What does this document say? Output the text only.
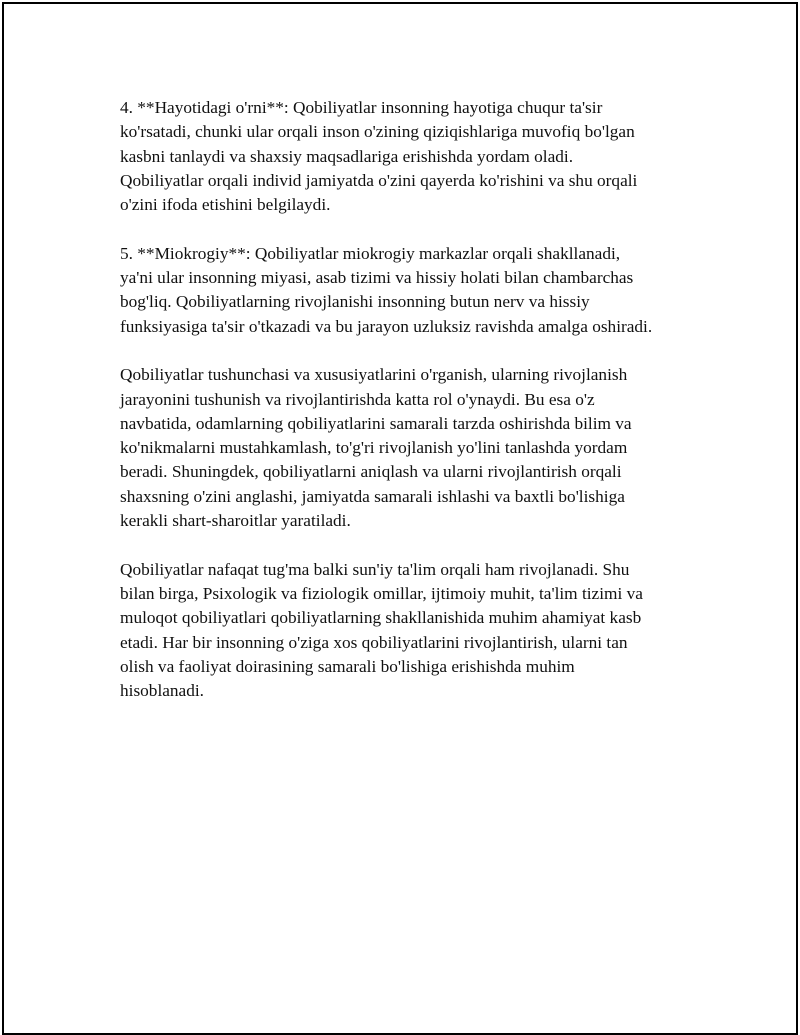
4. **Hayotidagi o'rni**: Qobiliyatlar insonning hayotiga chuqur ta'sir
ko'rsatadi, chunki ular orqali inson o'zining qiziqishlariga muvofiq bo'lgan
kasbni tanlaydi va shaxsiy maqsadlariga erishishda yordam oladi.
Qobiliyatlar orqali individ jamiyatda o'zini qayerda ko'rishini va shu orqali
o'zini ifoda etishini belgilaydi.

5. **Miokrogiy**: Qobiliyatlar miokrogiy markazlar orqali shakllanadi,
ya'ni ular insonning miyasi, asab tizimi va hissiy holati bilan chambarchas
bog'liq. Qobiliyatlarning rivojlanishi insonning butun nerv va hissiy
funksiyasiga ta'sir o'tkazadi va bu jarayon uzluksiz ravishda amalga oshiradi.

Qobiliyatlar tushunchasi va xususiyatlarini o'rganish, ularning rivojlanish
jarayonini tushunish va rivojlantirishda katta rol o'ynaydi. Bu esa o'z
navbatida, odamlarning qobiliyatlarini samarali tarzda oshirishda bilim va
ko'nikmalarni mustahkamlash, to'g'ri rivojlanish yo'lini tanlashda yordam
beradi. Shuningdek, qobiliyatlarni aniqlash va ularni rivojlantirish orqali
shaxsning o'zini anglashi, jamiyatda samarali ishlashi va baxtli bo'lishiga
kerakli shart-sharoitlar yaratiladi.

Qobiliyatlar nafaqat tug'ma balki sun'iy ta'lim orqali ham rivojlanadi. Shu
bilan birga, Psixologik va fiziologik omillar, ijtimoiy muhit, ta'lim tizimi va
muloqot qobiliyatlari qobiliyatlarning shakllanishida muhim ahamiyat kasb
etadi. Har bir insonning o'ziga xos qobiliyatlarini rivojlantirish, ularni tan
olish va faoliyat doirasining samarali bo'lishiga erishishda muhim
hisoblanadi.
